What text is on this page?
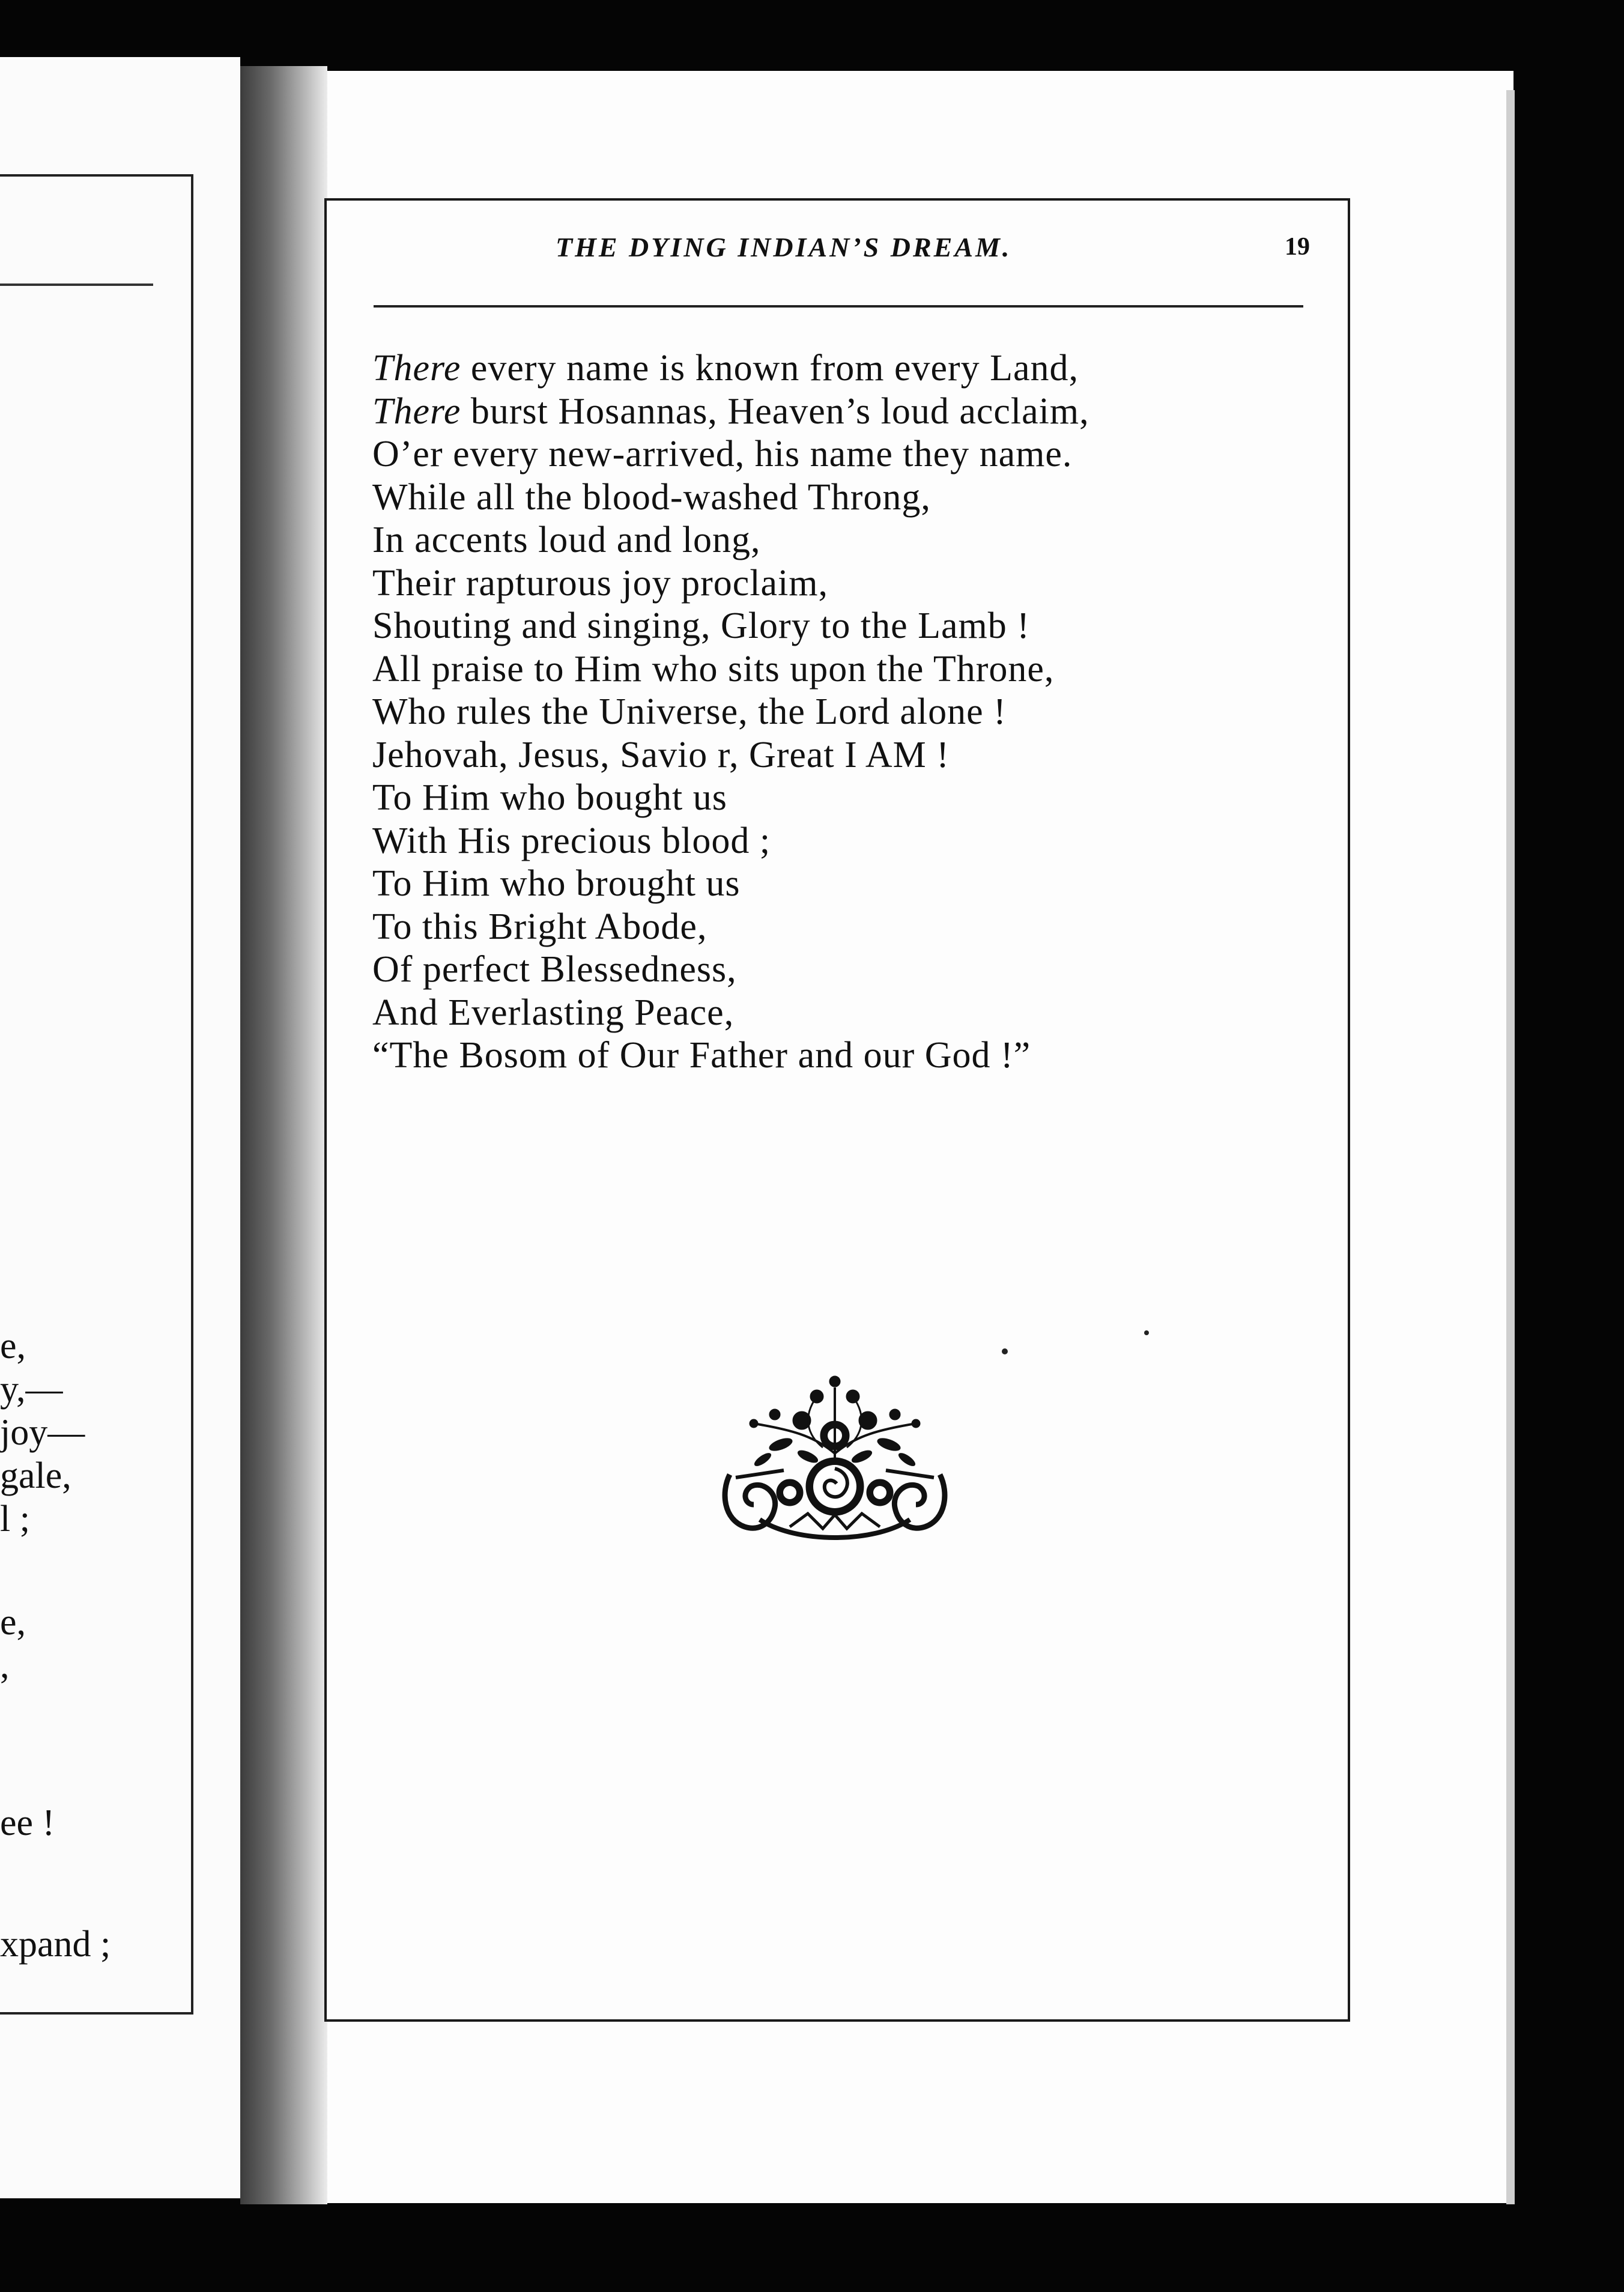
e,
y,—
joy—
gale,
l ;
e,
,
ee !
xpand ;
THE DYING INDIAN’S DREAM.	19
There every name is known from every Land,
There burst Hosannas, Heaven’s loud acclaim,
O’er every new-arrived, his name they name.
While all the blood-washed Throng,
In accents loud and long,
Their rapturous joy proclaim,
Shouting and singing, Glory to the Lamb !
All praise to Him who sits upon the Throne,
Who rules the Universe, the Lord alone !
Jehovah, Jesus, Savio r, Great I AM !
To Him who bought us
With His precious blood ;
To Him who brought us
To this Bright Abode,
Of perfect Blessedness,
And Everlasting Peace,
“The Bosom of Our Father and our God !”
